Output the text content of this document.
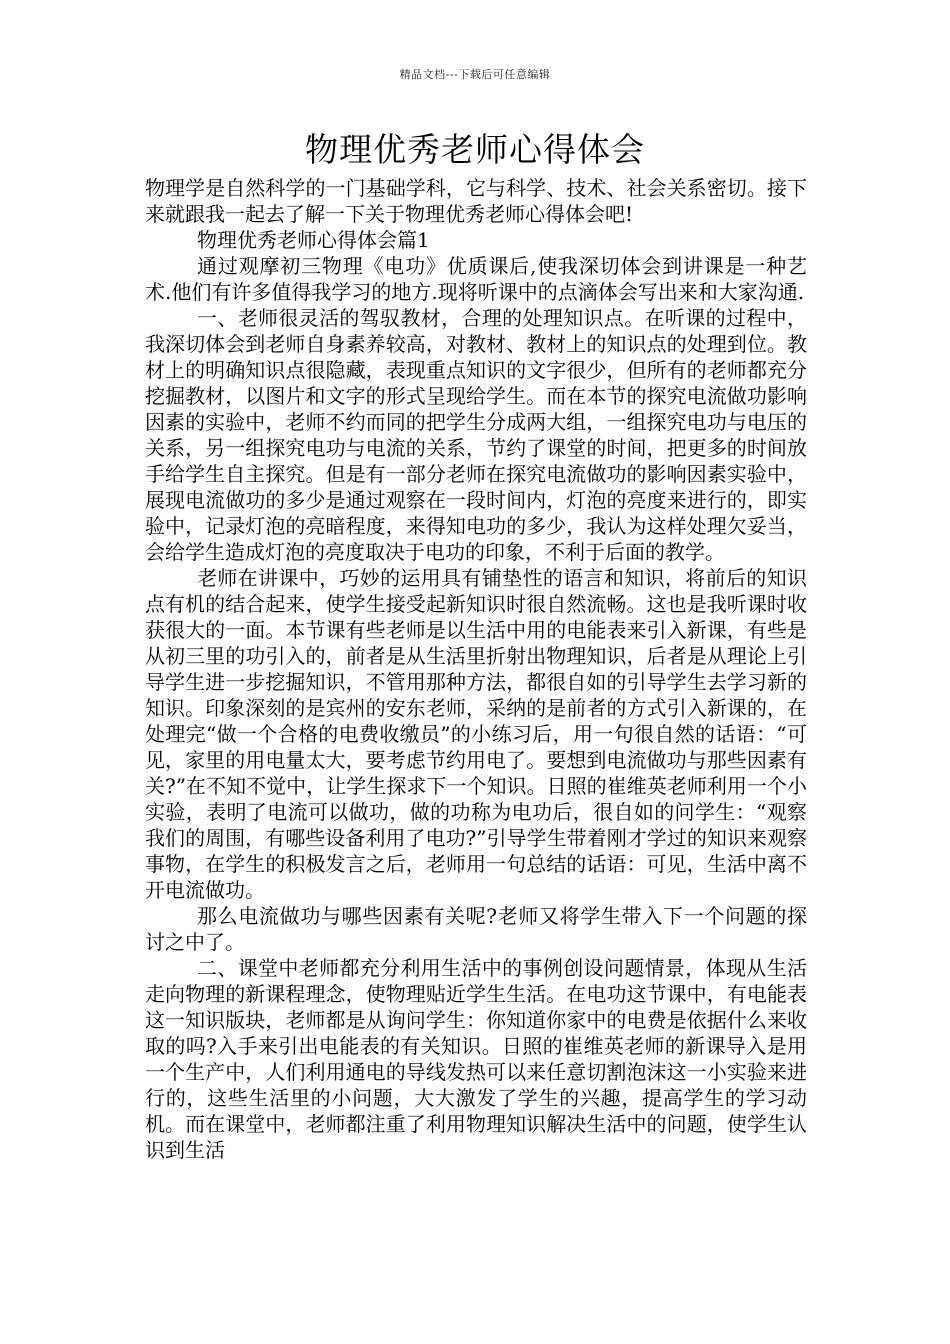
精品文档---下载后可任意编辑
物理优秀老师心得体会

物理学是自然科学的一门基础学科，它与科学、技术、社会关系密切。接下来就跟我一起去了解一下关于物理优秀老师心得体会吧!

物理优秀老师心得体会篇1

通过观摩初三物理《电功》优质课后,使我深切体会到讲课是一种艺术.他们有许多值得我学习的地方.现将听课中的点滴体会写出来和大家沟通.

一、老师很灵活的驾驭教材，合理的处理知识点。在听课的过程中，我深切体会到老师自身素养较高，对教材、教材上的知识点的处理到位。教材上的明确知识点很隐藏，表现重点知识的文字很少，但所有的老师都充分挖掘教材，以图片和文字的形式呈现给学生。而在本节的探究电流做功影响因素的实验中，老师不约而同的把学生分成两大组，一组探究电功与电压的关系，另一组探究电功与电流的关系，节约了课堂的时间，把更多的时间放手给学生自主探究。但是有一部分老师在探究电流做功的影响因素实验中，展现电流做功的多少是通过观察在一段时间内，灯泡的亮度来进行的，即实验中，记录灯泡的亮暗程度，来得知电功的多少，我认为这样处理欠妥当，会给学生造成灯泡的亮度取决于电功的印象，不利于后面的教学。

老师在讲课中，巧妙的运用具有铺垫性的语言和知识，将前后的知识点有机的结合起来，使学生接受起新知识时很自然流畅。这也是我听课时收获很大的一面。本节课有些老师是以生活中用的电能表来引入新课，有些是从初三里的功引入的，前者是从生活里折射出物理知识，后者是从理论上引导学生进一步挖掘知识，不管用那种方法，都很自如的引导学生去学习新的知识。印象深刻的是宾州的安东老师，采纳的是前者的方式引入新课的，在处理完“做一个合格的电费收缴员”的小练习后，用一句很自然的话语：“可见，家里的用电量太大，要考虑节约用电了。要想到电流做功与那些因素有关?”在不知不觉中，让学生探求下一个知识。日照的崔维英老师利用一个小实验，表明了电流可以做功，做的功称为电功后，很自如的问学生：“观察我们的周围，有哪些设备利用了电功?”引导学生带着刚才学过的知识来观察事物，在学生的积极发言之后，老师用一句总结的话语：可见，生活中离不开电流做功。

那么电流做功与哪些因素有关呢?老师又将学生带入下一个问题的探讨之中了。

二、课堂中老师都充分利用生活中的事例创设问题情景，体现从生活走向物理的新课程理念，使物理贴近学生生活。在电功这节课中，有电能表这一知识版块，老师都是从询问学生：你知道你家中的电费是依据什么来收取的吗?入手来引出电能表的有关知识。日照的崔维英老师的新课导入是用一个生产中，人们利用通电的导线发热可以来任意切割泡沫这一小实验来进行的，这些生活里的小问题，大大激发了学生的兴趣，提高学生的学习动机。而在课堂中，老师都注重了利用物理知识解决生活中的问题，使学生认识到生活
